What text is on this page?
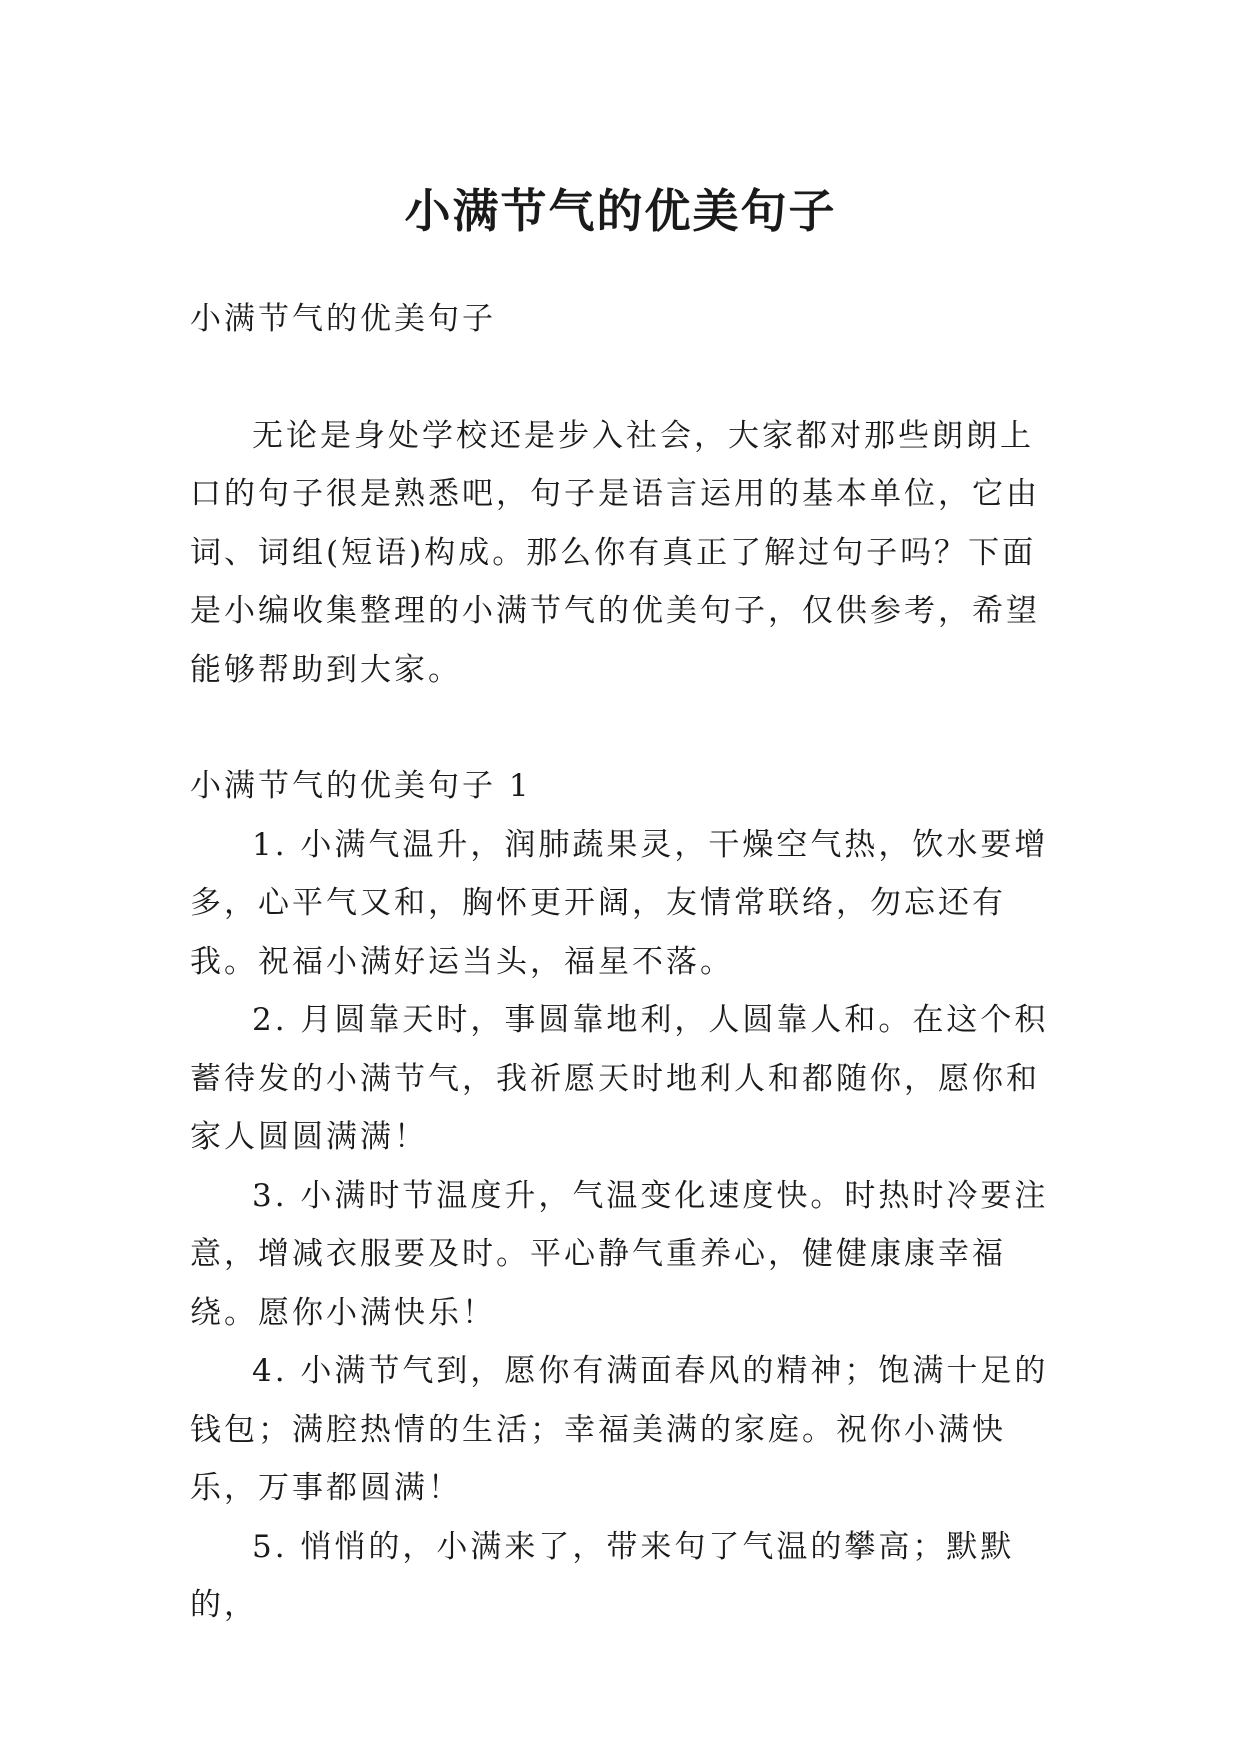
小满节气的优美句子

小满节气的优美句子

无论是身处学校还是步入社会，大家都对那些朗朗上口的句子很是熟悉吧，句子是语言运用的基本单位，它由词、词组(短语)构成。那么你有真正了解过句子吗？下面是小编收集整理的小满节气的优美句子，仅供参考，希望能够帮助到大家。

小满节气的优美句子 1

1. 小满气温升，润肺蔬果灵，干燥空气热，饮水要增多，心平气又和，胸怀更开阔，友情常联络，勿忘还有我。祝福小满好运当头，福星不落。

2. 月圆靠天时，事圆靠地利，人圆靠人和。在这个积蓄待发的小满节气，我祈愿天时地利人和都随你，愿你和家人圆圆满满！

3. 小满时节温度升，气温变化速度快。时热时冷要注意，增减衣服要及时。平心静气重养心，健健康康幸福绕。愿你小满快乐！

4. 小满节气到，愿你有满面春风的精神；饱满十足的钱包；满腔热情的生活；幸福美满的家庭。祝你小满快乐，万事都圆满！

5. 悄悄的，小满来了，带来句了气温的攀高；默默的，
